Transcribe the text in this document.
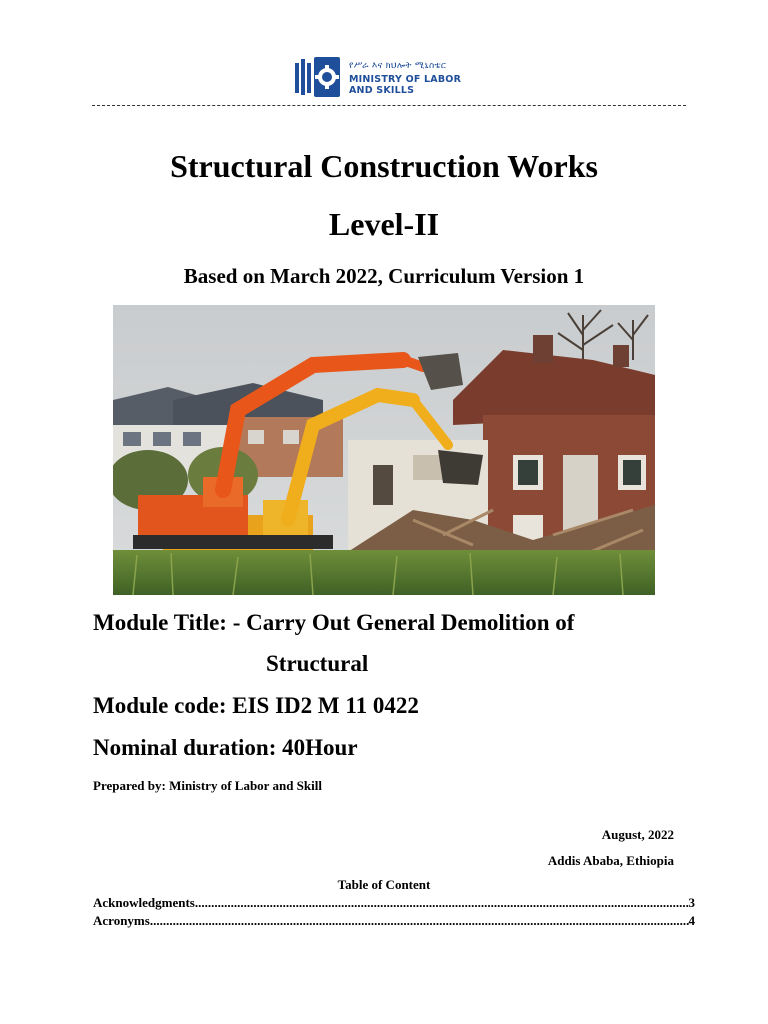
የሥራ እና ክህሎት ሚኒስቴር
MINISTRY OF LABOR
AND SKILLS
Structural Construction Works
Level-II
Based on March 2022, Curriculum Version 1
Module Title: - Carry Out General Demolition of
Structural
Module code: EIS ID2 M 11 0422
Nominal duration: 40Hour
Prepared by: Ministry of Labor and Skill
August, 2022
Addis Ababa, Ethiopia
Table of Content
Acknowledgments .....	3
Acronyms .....	4
